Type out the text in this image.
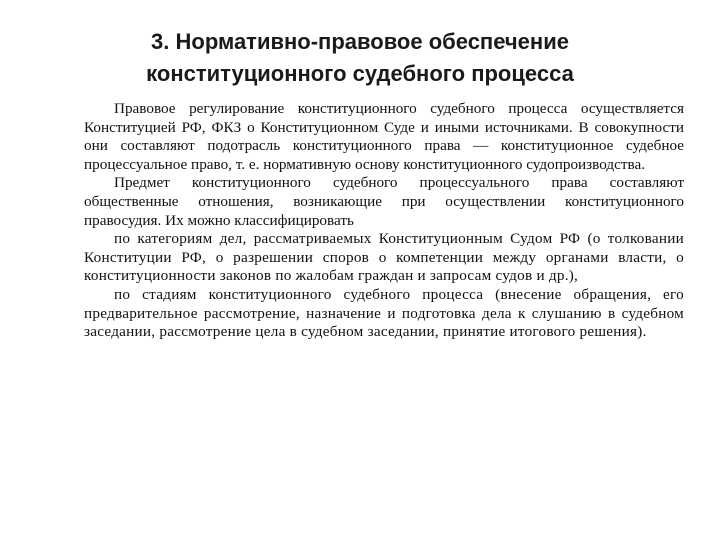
3. Нормативно-правовое обеспечение
конституционного судебного процесса

Правовое регулирование конституционного судебного процесса осуществляется Конституцией РФ, ФКЗ о Конституционном Суде и иными источниками. В совокупности они составляют подотрасль конституционного права — конституционное судебное процессуальное право, т. е. нормативную основу конституционного судопроизводства.

Предмет конституционного судебного процессуального права составляют общественные отношения, возникающие при осуществлении конституционного правосудия. Их можно классифицировать

по категориям дел, рассматриваемых Конституционным Судом РФ (о толковании Конституции РФ, о разрешении споров о компетенции между органами власти, о конституционности законов по жалобам граждан и запросам судов и др.),

по стадиям конституционного судебного процесса (внесение обращения, его предварительное рассмотрение, назначение и подготовка дела к слушанию в судебном заседании, рассмотрение цела в судебном заседании, принятие итогового решения).
